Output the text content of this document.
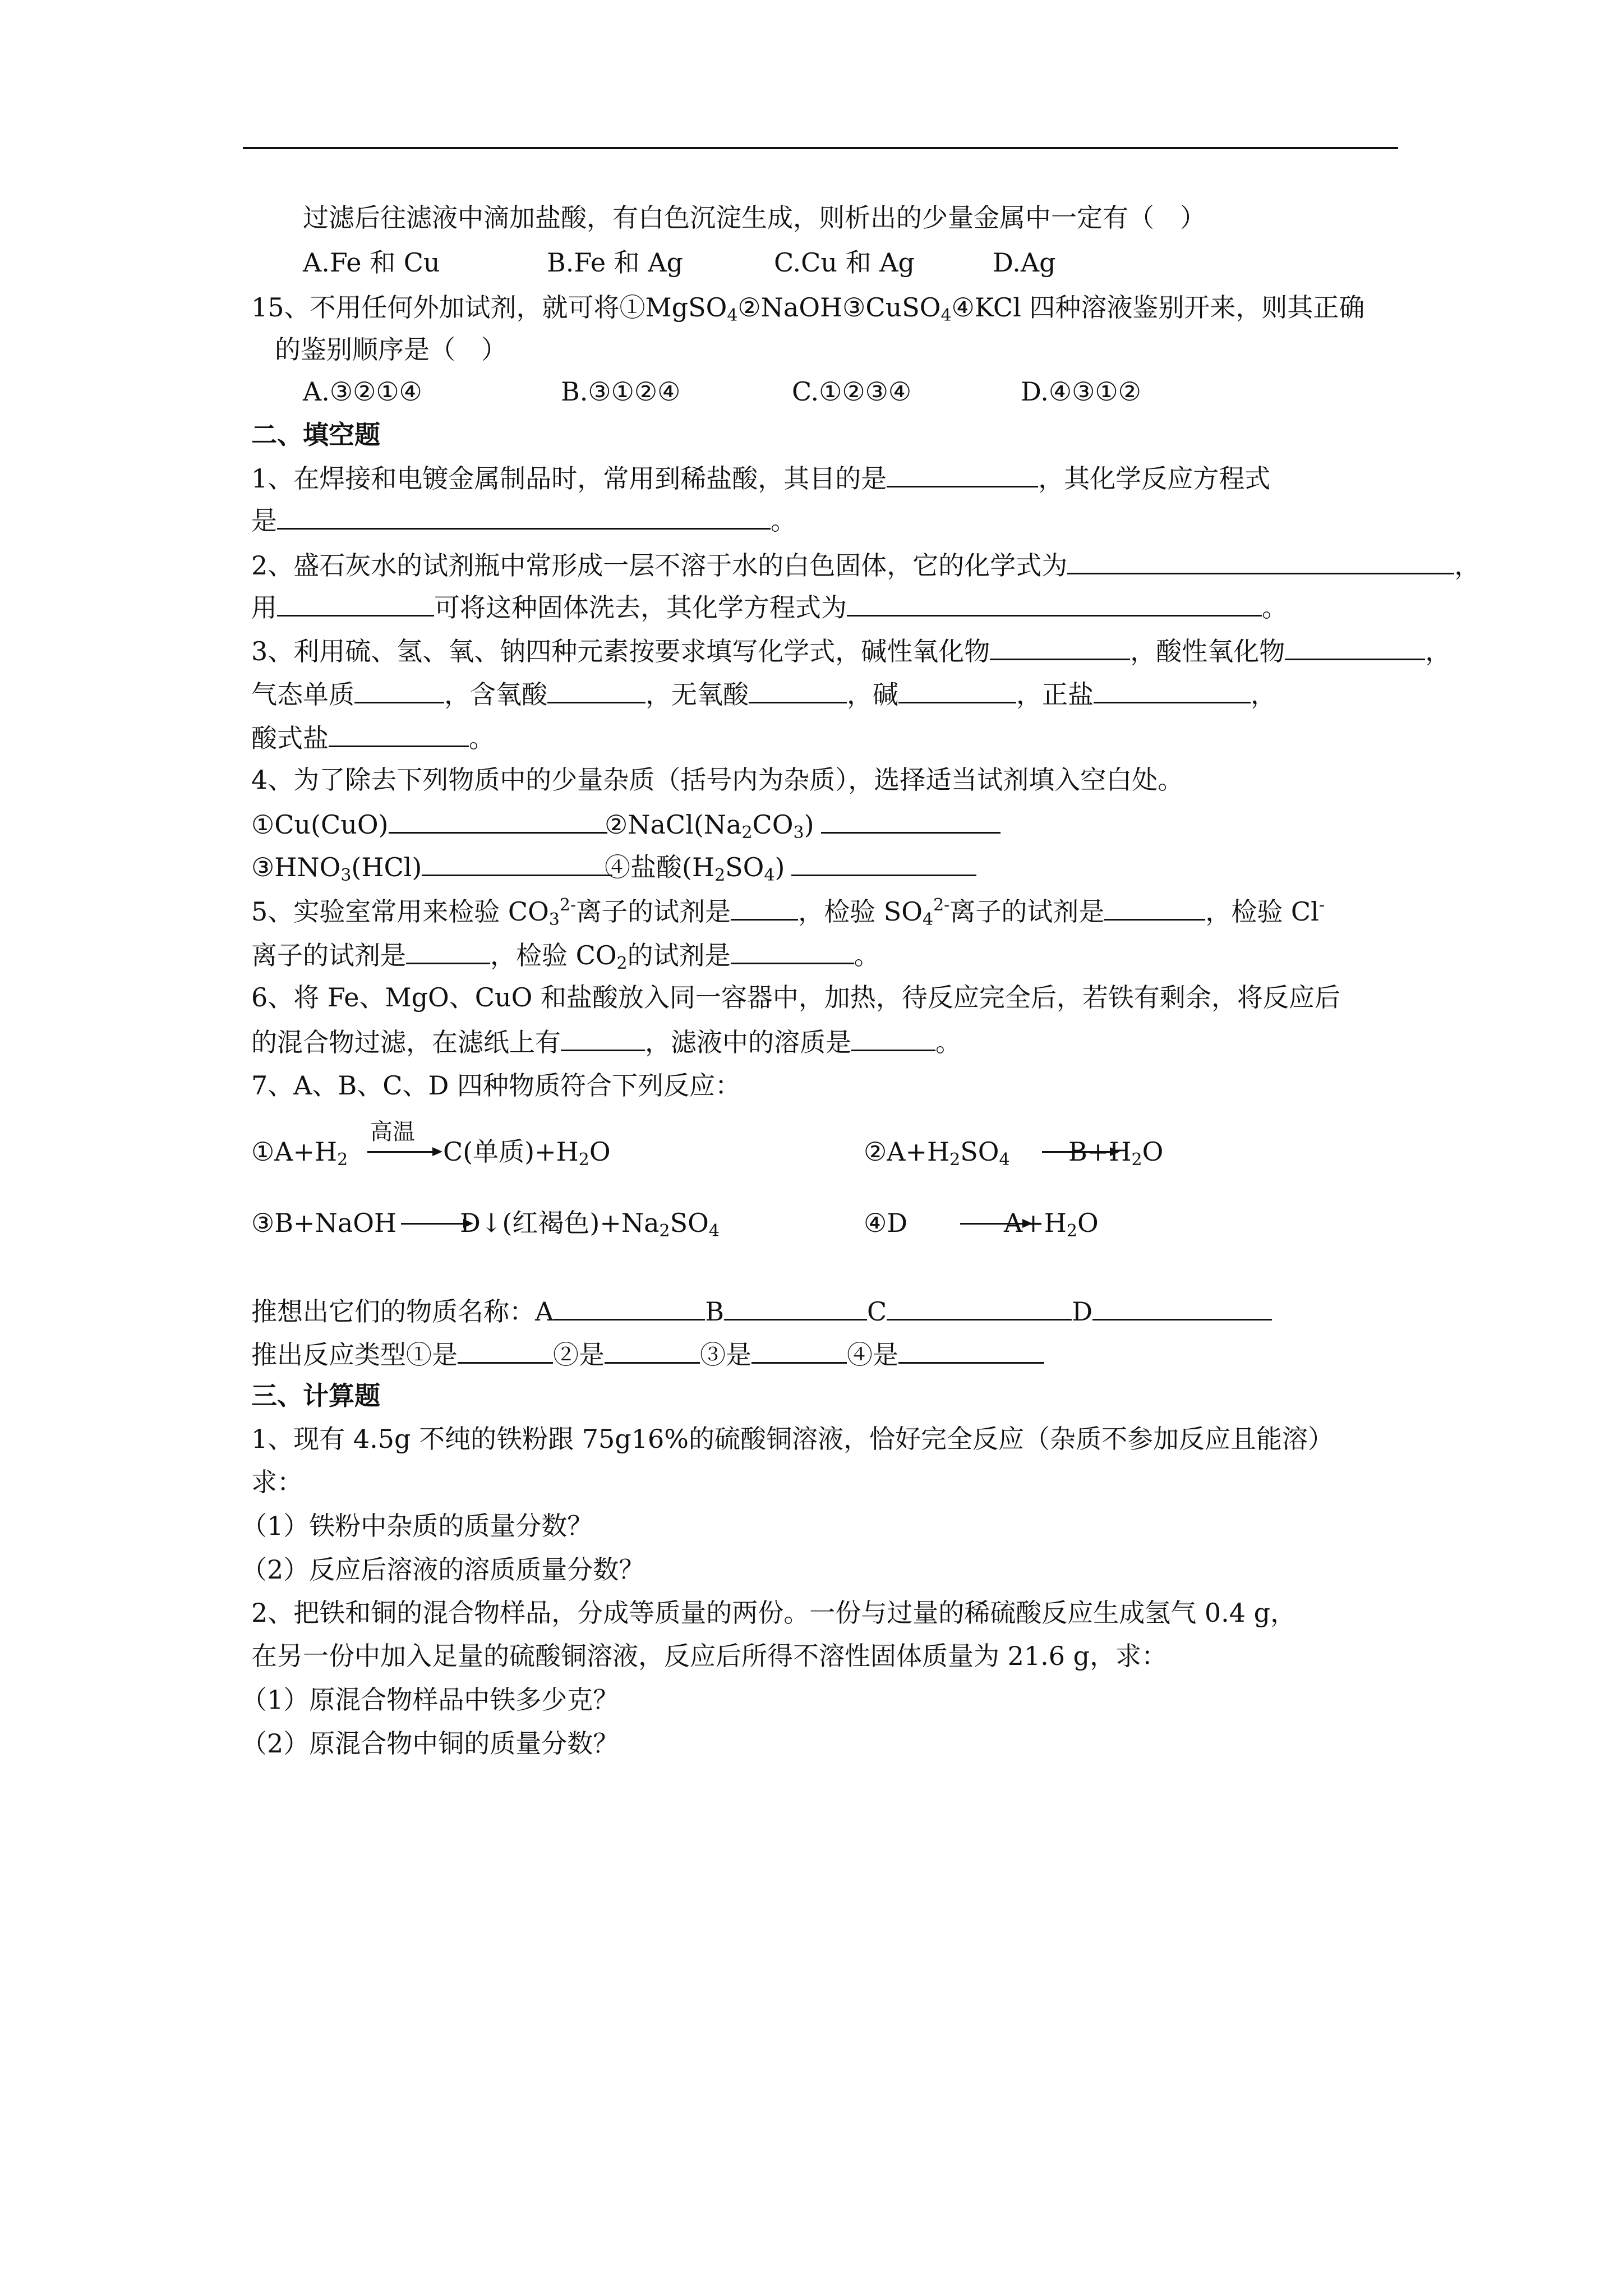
过滤后往滤液中滴加盐酸，有白色沉淀生成，则析出的少量金属中一定有（　）
A.Fe 和 Cu	B.Fe 和 Ag	C.Cu 和 Ag	D.Ag
15、不用任何外加试剂，就可将①MgSO$_4$②NaOH③CuSO$_4$④KCl 四种溶液鉴别开来，则其正确
的鉴别顺序是（　）
A.③②①④	B.③①②④	C.①②③④	D.④③①②
二、填空题
1、在焊接和电镀金属制品时，常用到稀盐酸，其目的是	，其化学反应方程式
是	。
2、盛石灰水的试剂瓶中常形成一层不溶于水的白色固体，它的化学式为	，
用	可将这种固体洗去，其化学方程式为	。
3、利用硫、氢、氧、钠四种元素按要求填写化学式，碱性氧化物	，酸性氧化物	，
气态单质	，含氧酸	，无氧酸	，碱	，正盐	，
酸式盐	。
4、为了除去下列物质中的少量杂质（括号内为杂质），选择适当试剂填入空白处。
①Cu(CuO)	$②NaCl(Na_2CO_3)$
$③HNO_3(HCl)$	④盐酸$(H_2SO_4)$
5、实验室常用来检验 $CO_3^{2-}$离子的试剂是	，检验 $SO_4^{2-}$离子的试剂是	，检验 Cl-
离子的试剂是	，检验 $CO_2$的试剂是	。
6、将 Fe、MgO、CuO 和盐酸放入同一容器中，加热，待反应完全后，若铁有剩余，将反应后
的混合物过滤，在滤纸上有	，滤液中的溶质是	。
7、A、B、C、D 四种物质符合下列反应：
$①A+H_2$
高温
C(单质)$+H_2O$	$②A+H_2SO_4$ $B+H_2O$
③B+NaOH D↓(红褐色)$+Na_2SO_4$	④D	$A+H_2O$
推想出它们的物质名称：A	B	C	D
推出反应类型①是	②是	③是	④是
三、计算题
1、现有 4.5g 不纯的铁粉跟 75g16%的硫酸铜溶液，恰好完全反应（杂质不参加反应且能溶）
求：
（1）铁粉中杂质的质量分数？
（2）反应后溶液的溶质质量分数？
2、把铁和铜的混合物样品，分成等质量的两份。一份与过量的稀硫酸反应生成氢气 0.4 g，
在另一份中加入足量的硫酸铜溶液，反应后所得不溶性固体质量为 21.6 g，求：
（1）原混合物样品中铁多少克？
（2）原混合物中铜的质量分数？
